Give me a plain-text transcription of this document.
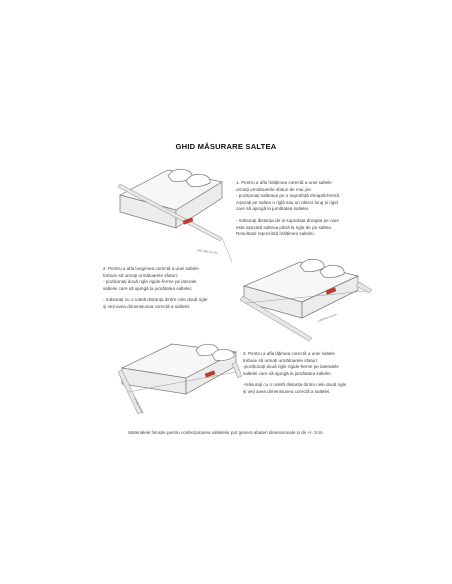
GHID MĂSURARE SALTEA
INĂLȚIME SALTEA

1. Pentru a afla înălțimea corectă a unei saltele

urmați următoarele sfaturi de mai jos:

- poziționați salteaua pe o suprafață dreaptă-fermă.

Așezați pe saltea o riglă sau un obiect long și rigid

care să ajungă la jumătatea saltelei.

- măsurați distanța de la suprafața dreapta pe care

este așezată salteua până la rigla de pe saltea.

Resultatul reprezintă înălțimea saltelei.

LUNGIME SALTEA

2. Pentru a afla lungimea corectă a unei saltele

trebuie să urmați următoarele sfaturi:

- poziționați două rigle rigide-ferme pe laterale

saltelei care să ajungă la jumătatea saltelei;

- măsurați cu o ruletă distanța dintre cele două rigle

și veți avea dimensiunea corectă a saltelei.

LĂȚIME SALTEA

3. Pentru a afla lățimea corectă a unei saltele

trebuie să urmați următoarele sfaturi:

-poziționați două rigle rigide-ferme pe lateralele

saltelei care să ajungă la jumătatea saltelei

-măsurați cu o ruletă distanța dintre cele două rigle

și veți avea dimensiunea corectă a saltelei.

Materialele folosite pentru confecționarea saltelelor pot genera abateri dimensionale și de +/- 2cm.
